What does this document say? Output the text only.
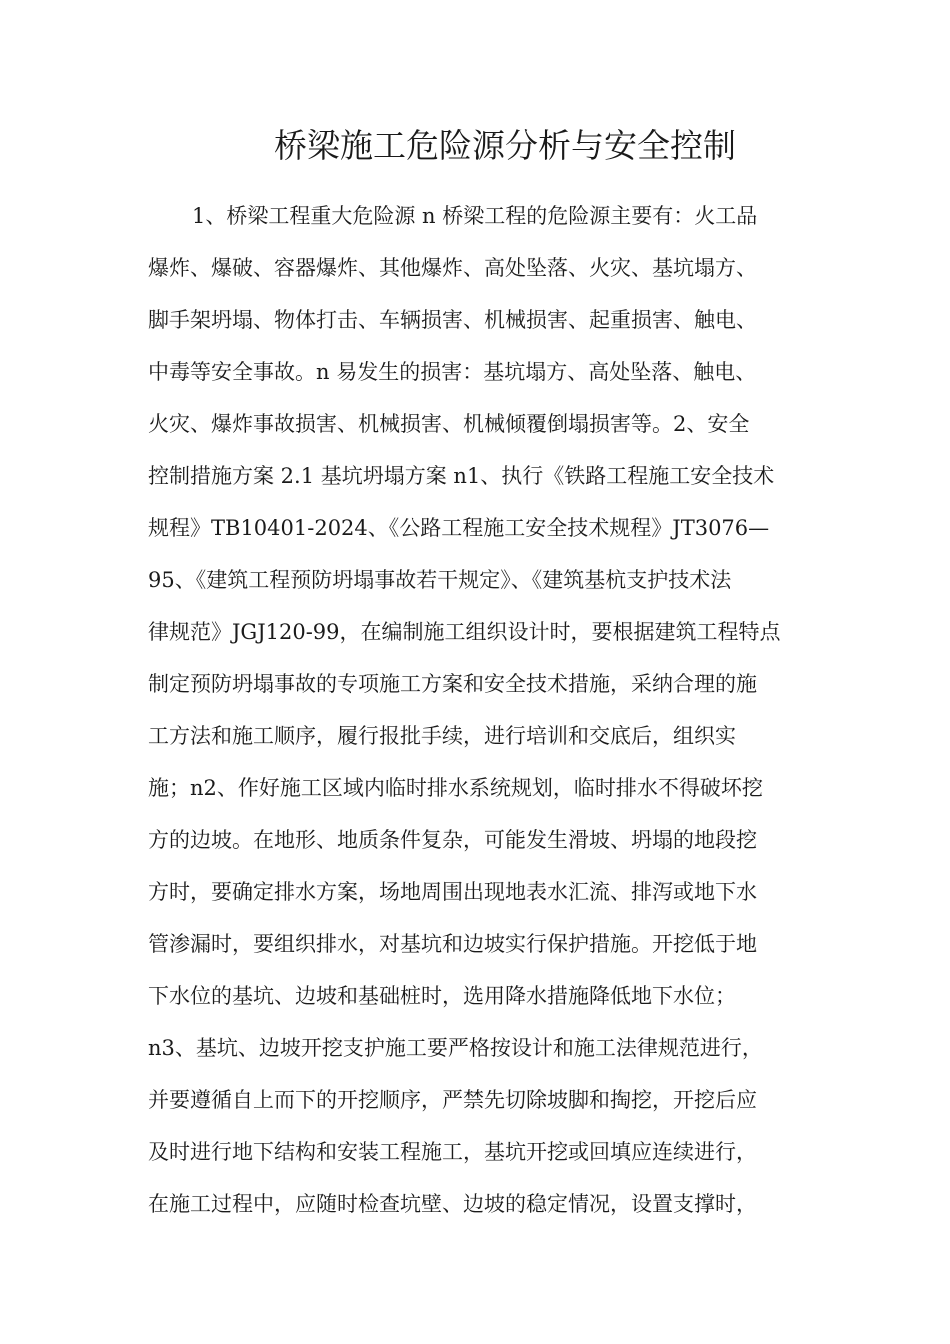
桥梁施工危险源分析与安全控制
1、桥梁工程重大危险源 n 桥梁工程的危险源主要有：火工品
爆炸、爆破、容器爆炸、其他爆炸、高处坠落、火灾、基坑塌方、
脚手架坍塌、物体打击、车辆损害、机械损害、起重损害、触电、
中毒等安全事故。n 易发生的损害：基坑塌方、高处坠落、触电、
火灾、爆炸事故损害、机械损害、机械倾覆倒塌损害等。2、安全
控制措施方案 2.1 基坑坍塌方案 n1、执行《铁路工程施工安全技术
规程》TB10401-2024、《公路工程施工安全技术规程》JT3076—
95、《建筑工程预防坍塌事故若干规定》、《建筑基杭支护技术法
律规范》JGJ120-99，在编制施工组织设计时，要根据建筑工程特点
制定预防坍塌事故的专项施工方案和安全技术措施，采纳合理的施
工方法和施工顺序，履行报批手续，进行培训和交底后，组织实
施；n2、作好施工区域内临时排水系统规划，临时排水不得破坏挖
方的边坡。在地形、地质条件复杂，可能发生滑坡、坍塌的地段挖
方时，要确定排水方案，场地周围出现地表水汇流、排泻或地下水
管渗漏时，要组织排水，对基坑和边坡实行保护措施。开挖低于地
下水位的基坑、边坡和基础桩时，选用降水措施降低地下水位；
n3、基坑、边坡开挖支护施工要严格按设计和施工法律规范进行，
并要遵循自上而下的开挖顺序，严禁先切除坡脚和掏挖，开挖后应
及时进行地下结构和安装工程施工，基坑开挖或回填应连续进行，
在施工过程中，应随时检查坑壁、边坡的稳定情况，设置支撑时，
